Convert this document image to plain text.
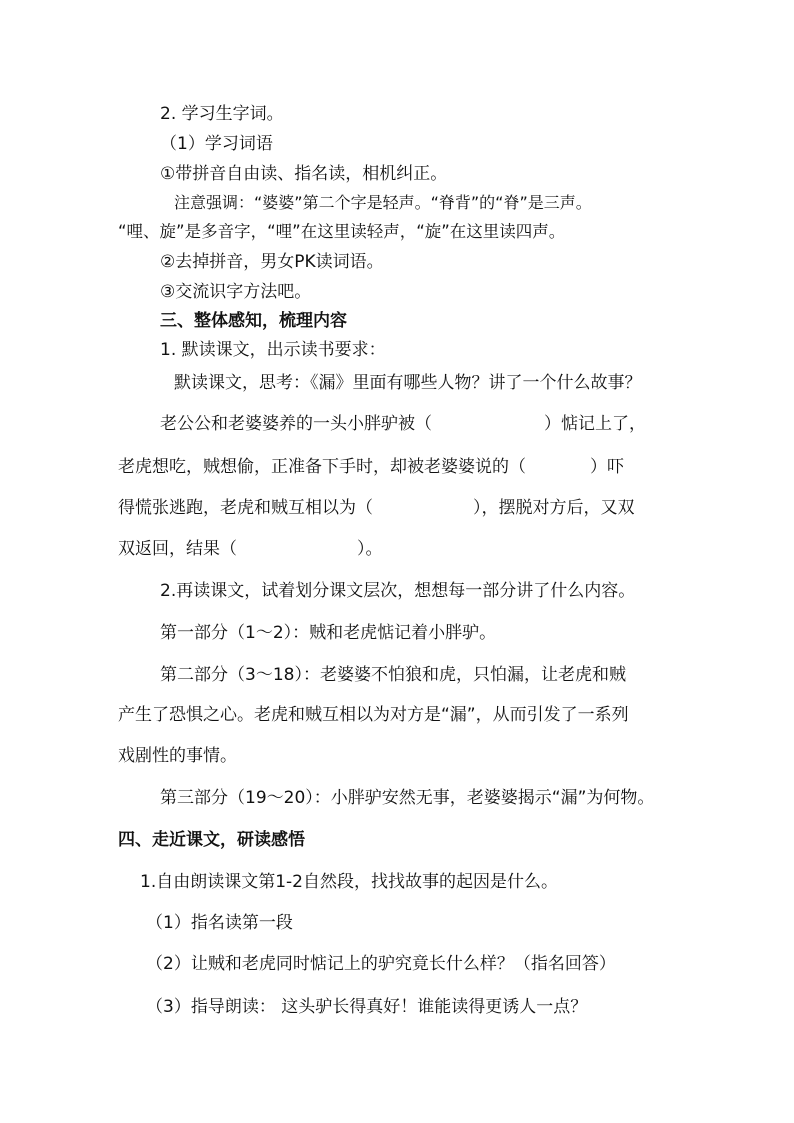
2. 学习生字词。
（1）学习词语
①带拼音自由读、指名读，相机纠正。
注意强调：“婆婆”第二个字是轻声。“脊背”的“脊”是三声。
“哩、旋”是多音字，“哩”在这里读轻声，“旋”在这里读四声。
②去掉拼音，男女PK读词语。
③交流识字方法吧。
三、整体感知，梳理内容
1. 默读课文，出示读书要求：
默读课文，思考：《漏》里面有哪些人物？讲了一个什么故事？
老公公和老婆婆养的一头小胖驴被（	）惦记上了，
老虎想吃，贼想偷，正准备下手时，却被老婆婆说的（	）吓
得慌张逃跑，老虎和贼互相以为（	），摆脱对方后，又双
双返回，结果（	）。
2.再读课文，试着划分课文层次，想想每一部分讲了什么内容。
第一部分（1～2）：贼和老虎惦记着小胖驴。
第二部分（3～18）：老婆婆不怕狼和虎，只怕漏，让老虎和贼
产生了恐惧之心。老虎和贼互相以为对方是“漏”，从而引发了一系列
戏剧性的事情。
第三部分（19～20）：小胖驴安然无事，老婆婆揭示“漏”为何物。
四、走近课文，研读感悟
1.自由朗读课文第1-2自然段，找找故事的起因是什么。
（1）指名读第一段
（2）让贼和老虎同时惦记上的驴究竟长什么样？（指名回答）
（3）指导朗读： 这头驴长得真好！谁能读得更诱人一点？
